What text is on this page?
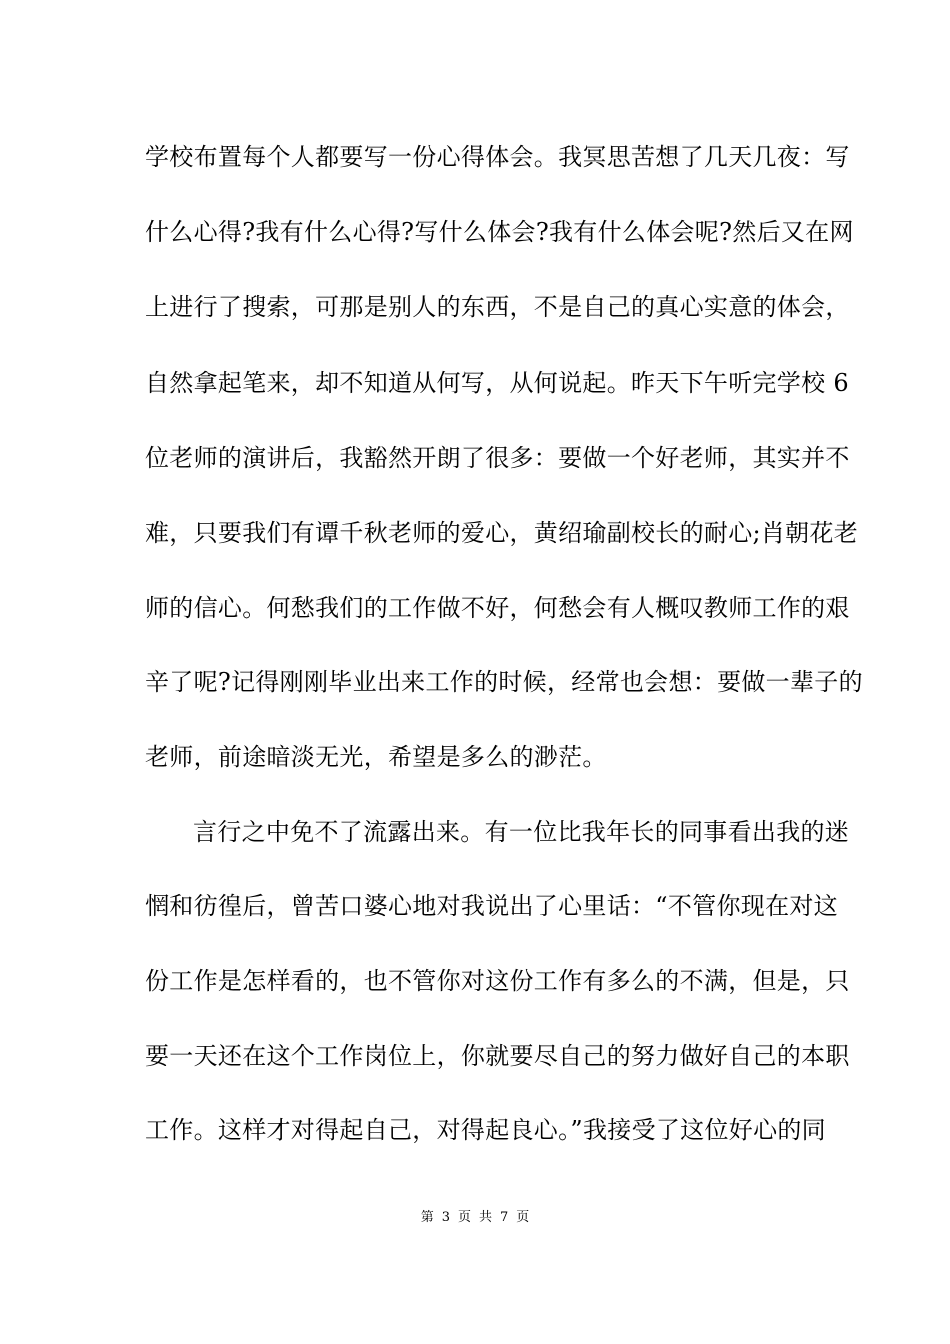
学校布置每个人都要写一份心得体会。我冥思苦想了几天几夜：写
什么心得?我有什么心得?写什么体会?我有什么体会呢?然后又在网
上进行了搜索，可那是别人的东西，不是自己的真心实意的体会，
自然拿起笔来，却不知道从何写，从何说起。昨天下午听完学校 6
位老师的演讲后，我豁然开朗了很多：要做一个好老师，其实并不
难，只要我们有谭千秋老师的爱心，黄绍瑜副校长的耐心;肖朝花老
师的信心。何愁我们的工作做不好，何愁会有人概叹教师工作的艰
辛了呢?记得刚刚毕业出来工作的时候，经常也会想：要做一辈子的
老师，前途暗淡无光，希望是多么的渺茫。
言行之中免不了流露出来。有一位比我年长的同事看出我的迷
惘和彷徨后，曾苦口婆心地对我说出了心里话：“不管你现在对这
份工作是怎样看的，也不管你对这份工作有多么的不满，但是，只
要一天还在这个工作岗位上，你就要尽自己的努力做好自己的本职
工作。这样才对得起自己，对得起良心。”我接受了这位好心的同
第 3 页 共 7 页
